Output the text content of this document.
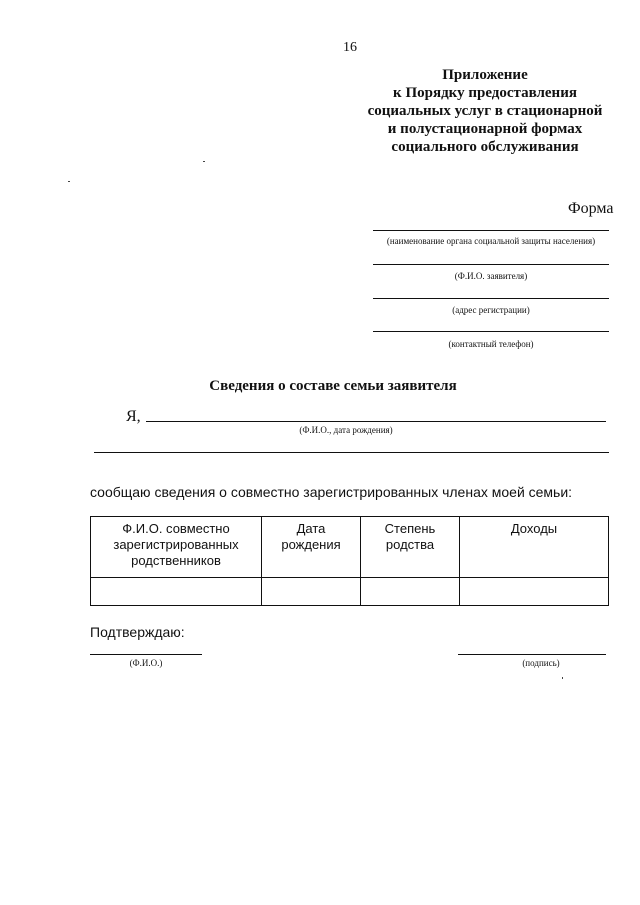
16
Приложение
к Порядку предоставления
социальных услуг в стационарной
и полустационарной формах
социального обслуживания
Форма
(наименование органа социальной защиты населения)
(Ф.И.О. заявителя)
(адрес регистрации)
(контактный телефон)
Сведения о составе семьи заявителя
Я,
(Ф.И.О., дата рождения)
сообщаю сведения о совместно зарегистрированных членах моей семьи:
Ф.И.О. совместно зарегистрированных родственников	Дата рождения	Степень родства	Доходы

Подтверждаю:
(Ф.И.О.)	(подпись)
